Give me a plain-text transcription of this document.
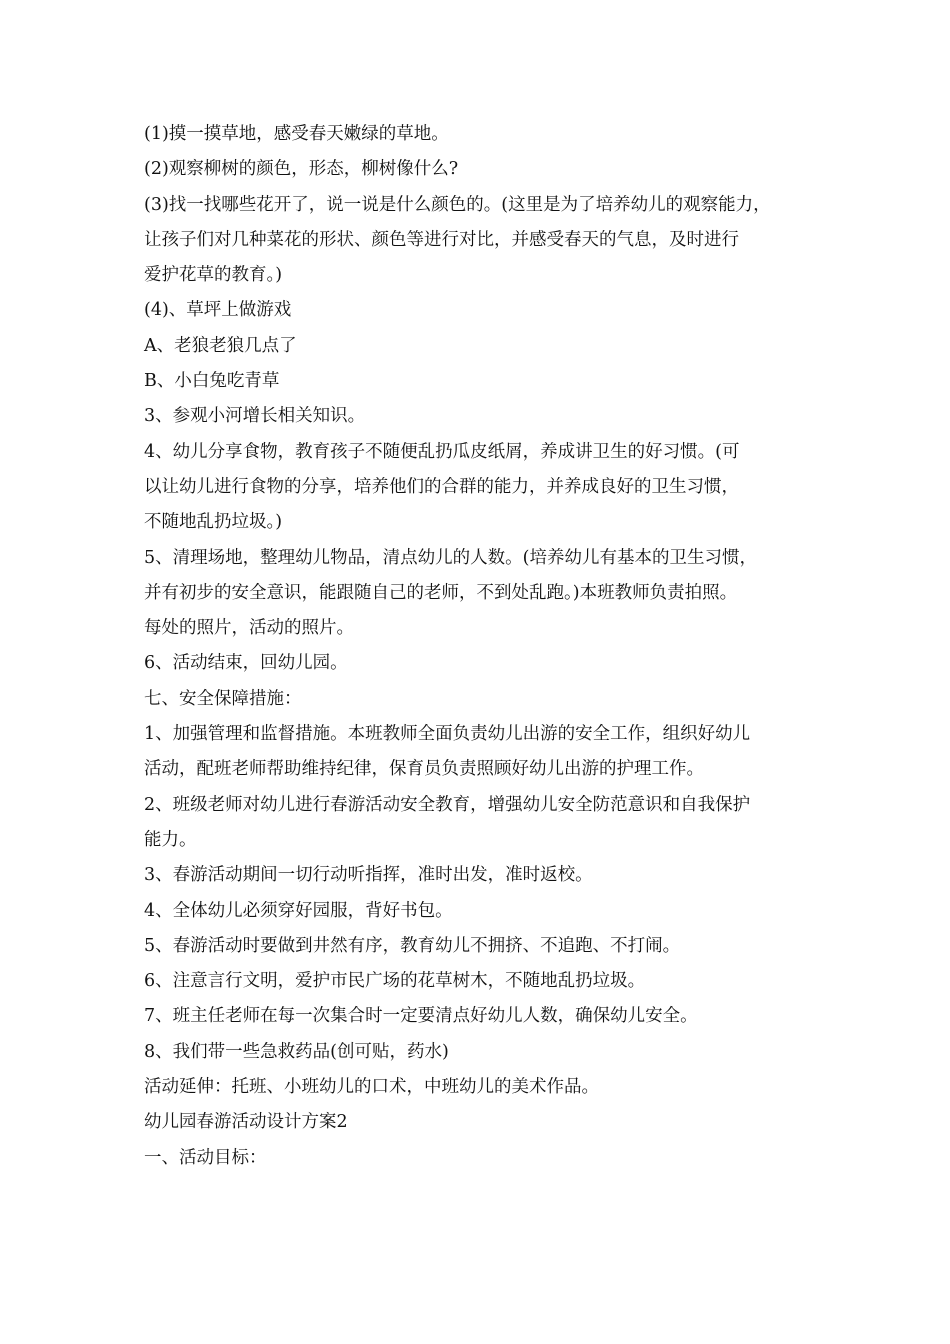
(1)摸一摸草地，感受春天嫩绿的草地。
(2)观察柳树的颜色，形态，柳树像什么?
(3)找一找哪些花开了，说一说是什么颜色的。(这里是为了培养幼儿的观察能力，
让孩子们对几种菜花的形状、颜色等进行对比，并感受春天的气息，及时进行
爱护花草的教育。)
(4)、草坪上做游戏
A、老狼老狼几点了
B、小白兔吃青草
3、参观小河增长相关知识。
4、幼儿分享食物，教育孩子不随便乱扔瓜皮纸屑，养成讲卫生的好习惯。(可
以让幼儿进行食物的分享，培养他们的合群的能力，并养成良好的卫生习惯，
不随地乱扔垃圾。)
5、清理场地，整理幼儿物品，清点幼儿的人数。(培养幼儿有基本的卫生习惯，
并有初步的安全意识，能跟随自己的老师，不到处乱跑。)本班教师负责拍照。
每处的照片，活动的照片。
6、活动结束，回幼儿园。
七、安全保障措施：
1、加强管理和监督措施。本班教师全面负责幼儿出游的安全工作，组织好幼儿
活动，配班老师帮助维持纪律，保育员负责照顾好幼儿出游的护理工作。
2、班级老师对幼儿进行春游活动安全教育，增强幼儿安全防范意识和自我保护
能力。
3、春游活动期间一切行动听指挥，准时出发，准时返校。
4、全体幼儿必须穿好园服，背好书包。
5、春游活动时要做到井然有序，教育幼儿不拥挤、不追跑、不打闹。
6、注意言行文明，爱护市民广场的花草树木，不随地乱扔垃圾。
7、班主任老师在每一次集合时一定要清点好幼儿人数，确保幼儿安全。
8、我们带一些急救药品(创可贴，药水)
活动延伸：托班、小班幼儿的口术，中班幼儿的美术作品。
幼儿园春游活动设计方案2
一、活动目标：
